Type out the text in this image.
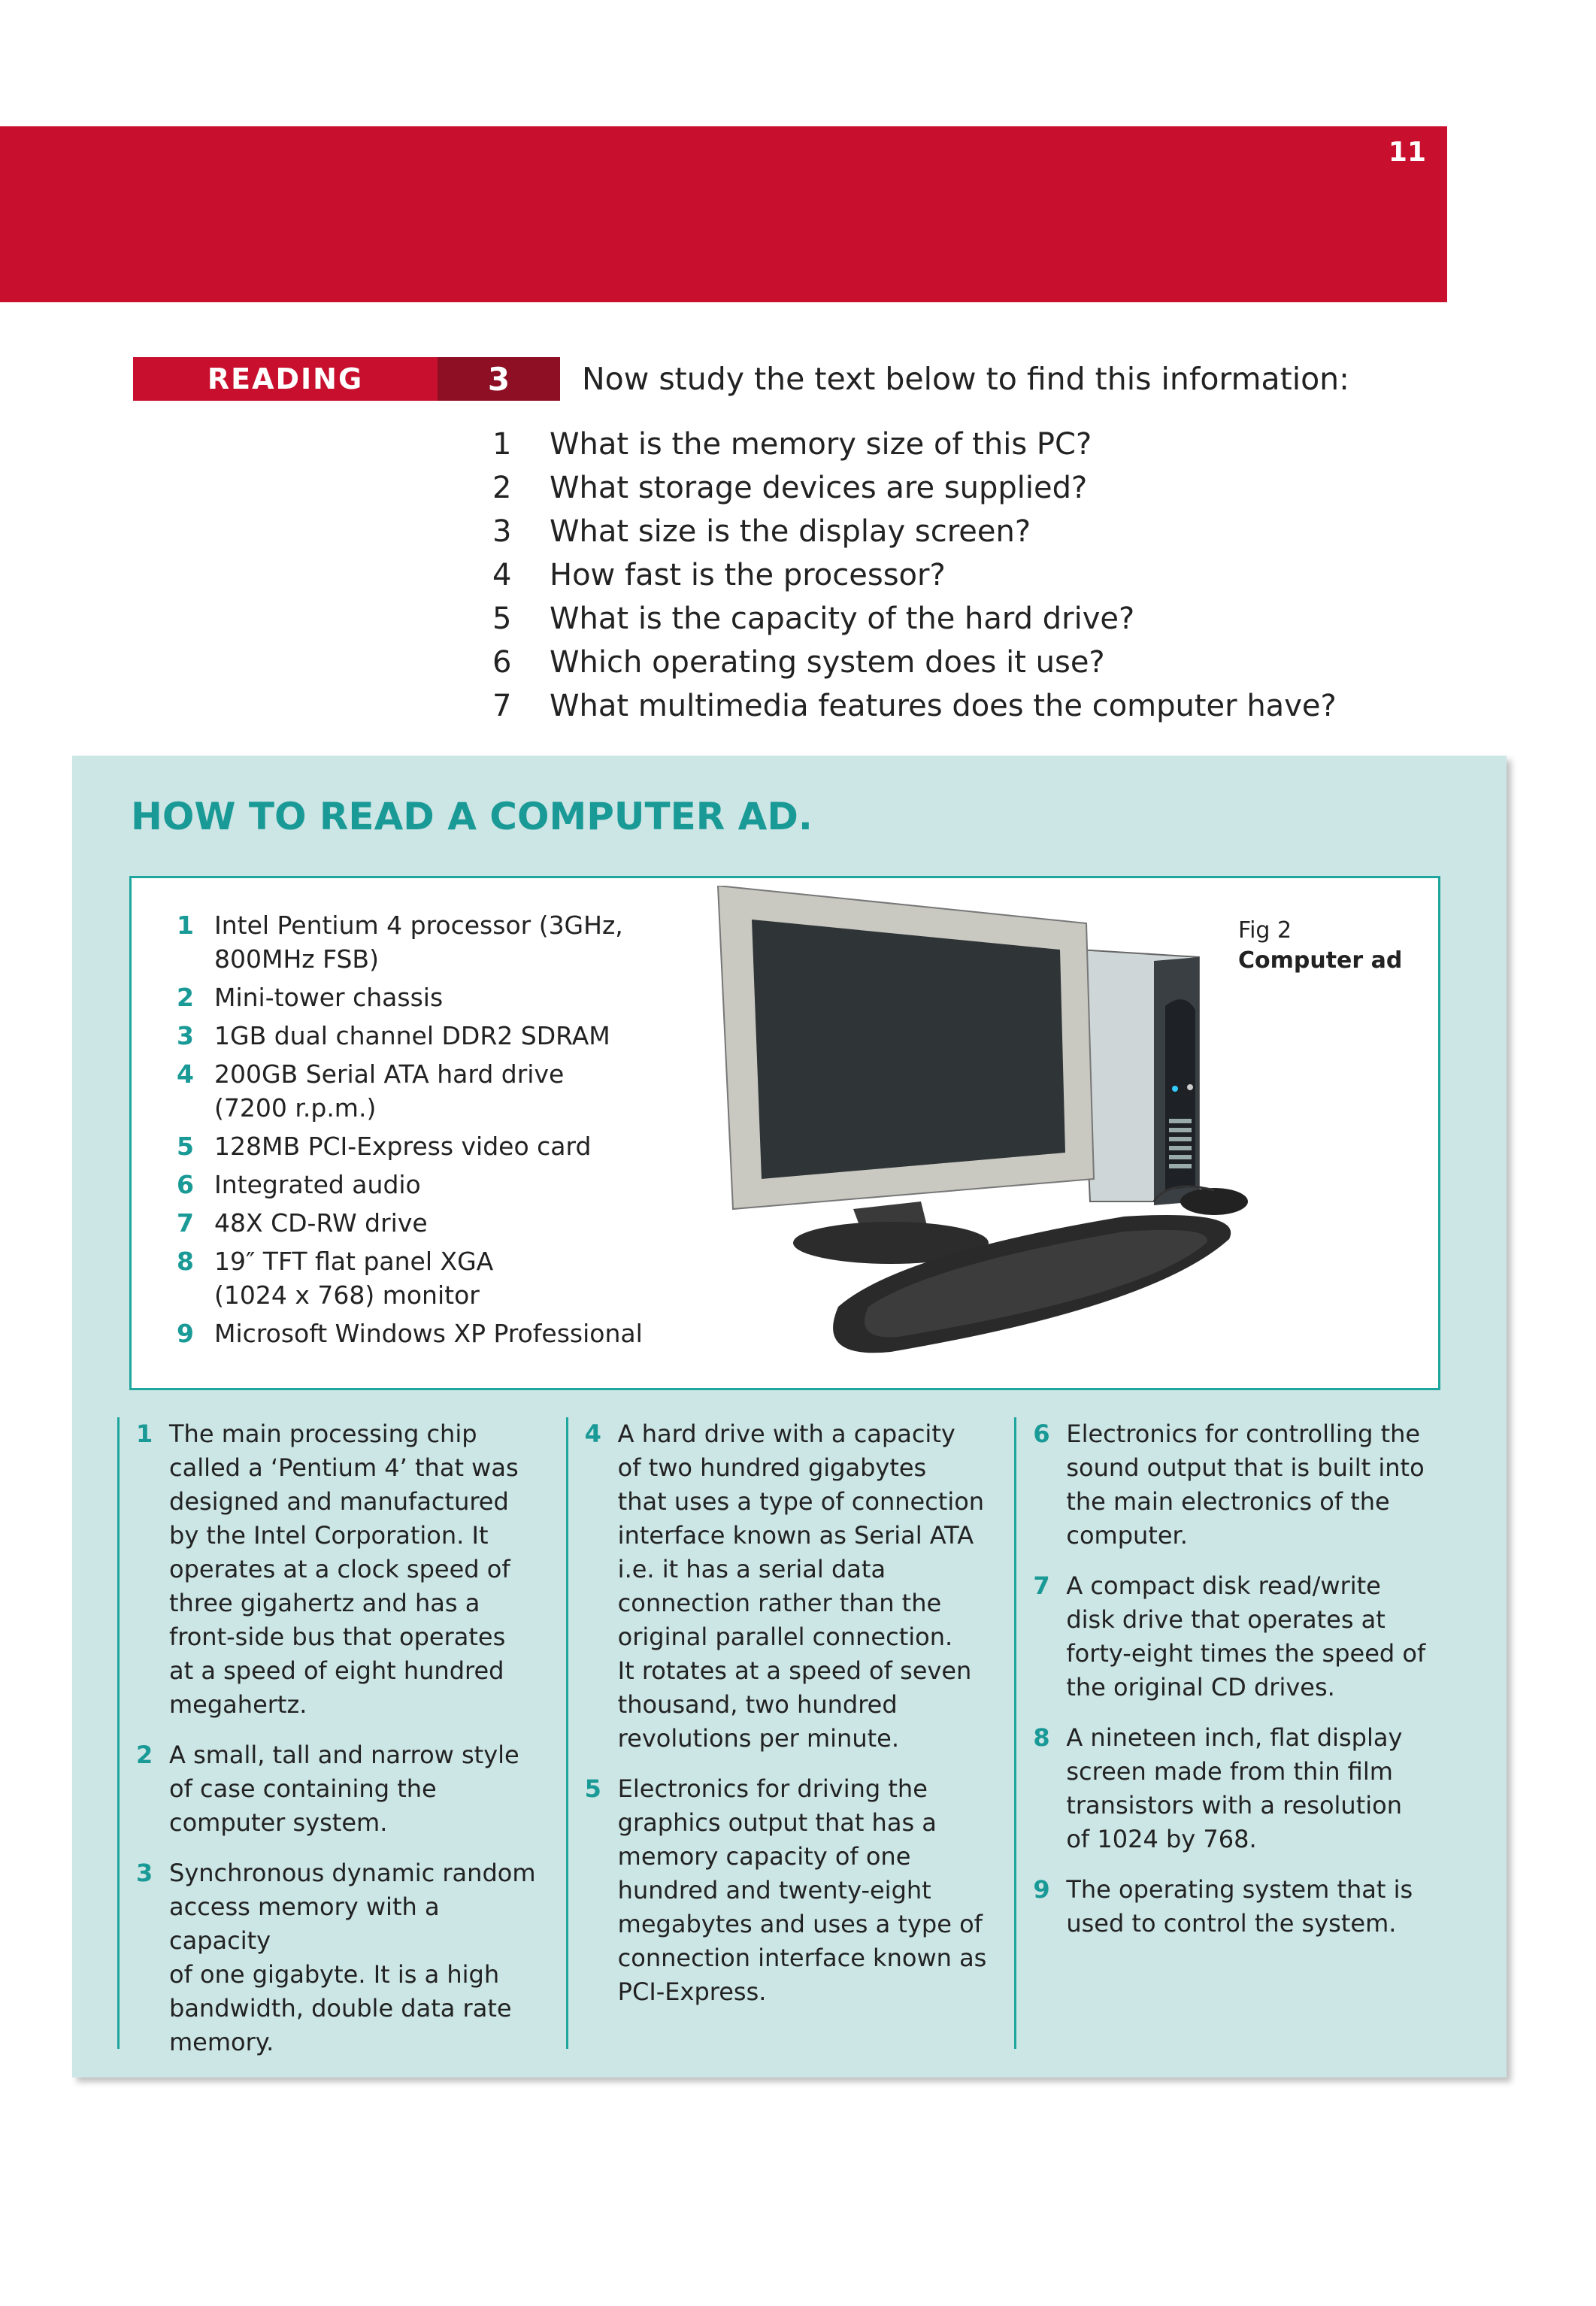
11
READING	3	Now study the text below to find this information:
1	What is the memory size of this PC?
2	What storage devices are supplied?
3	What size is the display screen?
4	How fast is the processor?
5	What is the capacity of the hard drive?
6	Which operating system does it use?
7	What multimedia features does the computer have?
HOW TO READ A COMPUTER AD.
1 Intel Pentium 4 processor (3GHz,
800MHz FSB)
2 Mini-tower chassis
3 1GB dual channel DDR2 SDRAM
4 200GB Serial ATA hard drive
(7200 r.p.m.)
5 128MB PCI-Express video card
6 Integrated audio
7 48X CD-RW drive
8 19″ TFT flat panel XGA
(1024 x 768) monitor
9 Microsoft Windows XP Professional
Fig 2
Computer ad
1 The main processing chip
called a ‘Pentium 4’ that was
designed and manufactured
by the Intel Corporation. It
operates at a clock speed of
three gigahertz and has a
front-side bus that operates
at a speed of eight hundred
megahertz.
2 A small, tall and narrow style
of case containing the
computer system.
3 Synchronous dynamic random
access memory with a capacity
of one gigabyte. It is a high
bandwidth, double data rate
memory.
4 A hard drive with a capacity
of two hundred gigabytes
that uses a type of connection
interface known as Serial ATA
i.e. it has a serial data
connection rather than the
original parallel connection.
It rotates at a speed of seven
thousand, two hundred
revolutions per minute.
5 Electronics for driving the
graphics output that has a
memory capacity of one
hundred and twenty-eight
megabytes and uses a type of
connection interface known as
PCI-Express.
6 Electronics for controlling the
sound output that is built into
the main electronics of the
computer.
7 A compact disk read/write
disk drive that operates at
forty-eight times the speed of
the original CD drives.
8 A nineteen inch, flat display
screen made from thin film
transistors with a resolution
of 1024 by 768.
9 The operating system that is
used to control the system.
